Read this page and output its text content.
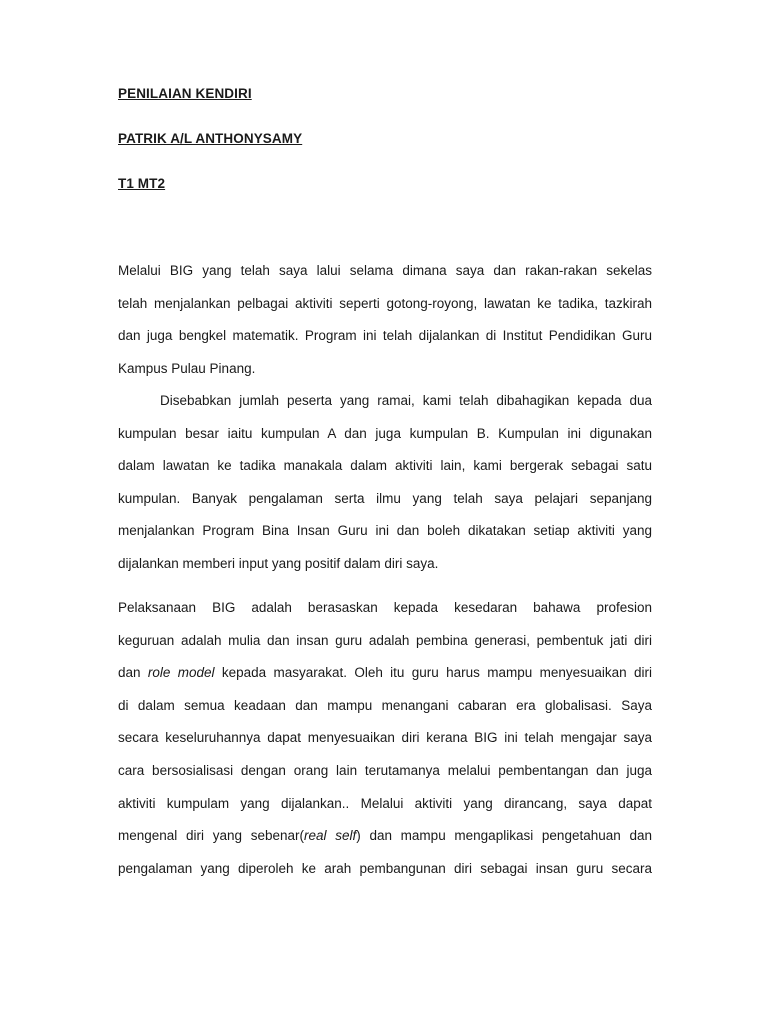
PENILAIAN KENDIRI
PATRIK A/L ANTHONYSAMY
T1 MT2
Melalui BIG yang telah saya lalui selama dimana saya dan rakan-rakan sekelas
telah menjalankan pelbagai aktiviti seperti gotong-royong, lawatan ke tadika, tazkirah
dan juga bengkel matematik. Program ini telah dijalankan di Institut Pendidikan Guru
Kampus Pulau Pinang.
Disebabkan jumlah peserta yang ramai, kami telah dibahagikan kepada dua
kumpulan besar iaitu kumpulan A dan juga kumpulan B. Kumpulan ini digunakan
dalam lawatan ke tadika manakala dalam aktiviti lain, kami bergerak sebagai satu
kumpulan. Banyak pengalaman serta ilmu yang telah saya pelajari sepanjang
menjalankan Program Bina Insan Guru ini dan boleh dikatakan setiap aktiviti yang
dijalankan memberi input yang positif dalam diri saya.
Pelaksanaan BIG adalah berasaskan kepada kesedaran bahawa profesion
keguruan adalah mulia dan insan guru adalah pembina generasi, pembentuk jati diri
dan role model kepada masyarakat. Oleh itu guru harus mampu menyesuaikan diri
di dalam semua keadaan dan mampu menangani cabaran era globalisasi. Saya
secara keseluruhannya dapat menyesuaikan diri kerana BIG ini telah mengajar saya
cara bersosialisasi dengan orang lain terutamanya melalui pembentangan dan juga
aktiviti kumpulam yang dijalankan.. Melalui aktiviti yang dirancang, saya dapat
mengenal diri yang sebenar(real self) dan mampu mengaplikasi pengetahuan dan
pengalaman yang diperoleh ke arah pembangunan diri sebagai insan guru secara
